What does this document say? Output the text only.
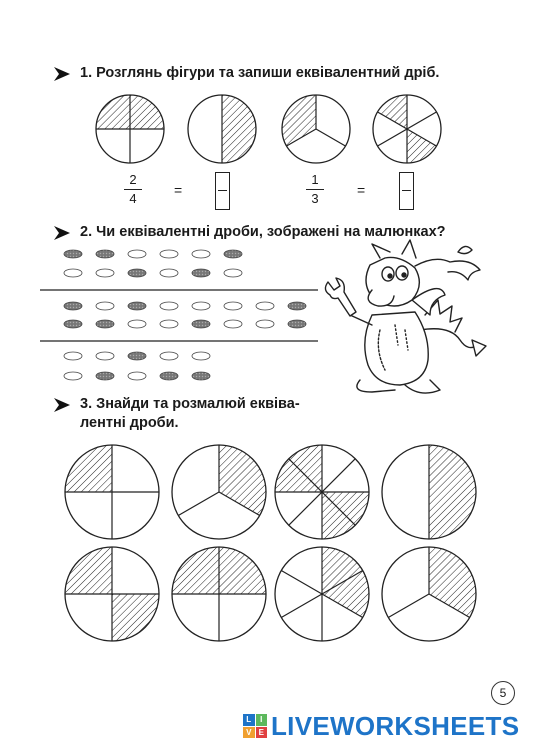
1. Розглянь фігури та запиши еквівалентний дріб.
2. Чи еквівалентні дроби, зображені на малюнках?
3. Знайди та розмалюй еквіва-
лентні дроби.
2
4
=
1
3
=
5
L	I
V E LIVEWORKSHEETS
